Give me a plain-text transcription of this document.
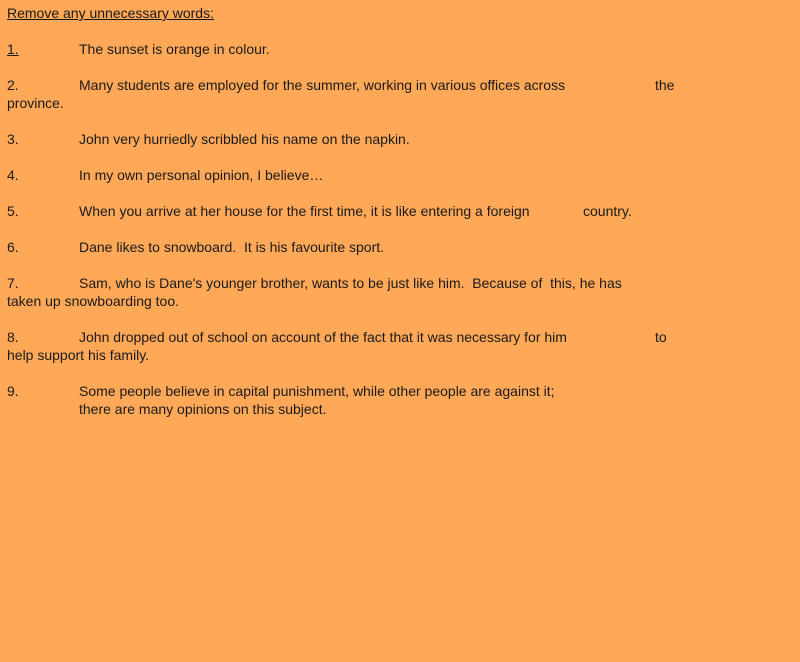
Remove any unnecessary words:
1.	The sunset is orange in colour.
2.	Many students are employed for the summer, working in various offices across	the
province.
3.	John very hurriedly scribbled his name on the napkin.
4.	In my own personal opinion, I believe…
5.	When you arrive at her house for the first time, it is like entering a foreign	country.
6.	Dane likes to snowboard.  It is his favourite sport.
7.	Sam, who is Dane's younger brother, wants to be just like him.  Because of  this, he has
taken up snowboarding too.
8.	John dropped out of school on account of the fact that it was necessary for him	to
help support his family.
9.	Some people believe in capital punishment, while other people are against it;
there are many opinions on this subject.
